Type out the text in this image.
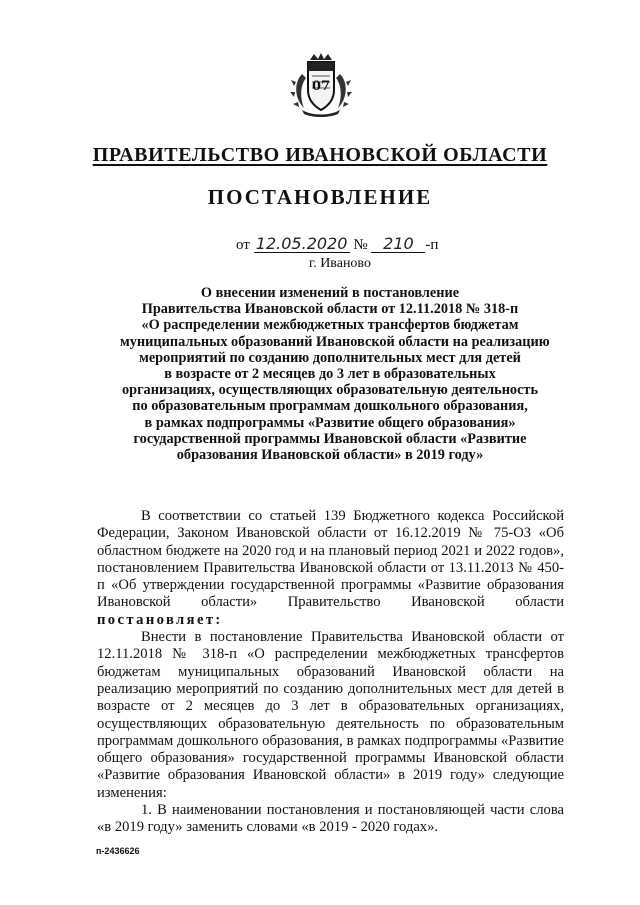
07
ПРАВИТЕЛЬСТВО ИВАНОВСКОЙ ОБЛАСТИ
ПОСТАНОВЛЕНИЕ
от 12.05.2020 № 210 -п
г. Иваново
О внесении изменений в постановление
Правительства Ивановской области от 12.11.2018 № 318-п
«О распределении межбюджетных трансфертов бюджетам
муниципальных образований Ивановской области на реализацию
мероприятий по созданию дополнительных мест для детей
в возрасте от 2 месяцев до 3 лет в образовательных
организациях, осуществляющих образовательную деятельность
по образовательным программам дошкольного образования,
в рамках подпрограммы «Развитие общего образования»
государственной программы Ивановской области «Развитие
образования Ивановской области» в 2019 году»

В соответствии со статьей 139 Бюджетного кодекса Российской Федерации, Законом Ивановской области от 16.12.2019 № 75-ОЗ «Об областном бюджете на 2020 год и на плановый период 2021 и 2022 годов», постановлением Правительства Ивановской области от 13.11.2013 № 450-п «Об утверждении государственной программы «Развитие образования Ивановской области» Правительство Ивановской области постановляет:

Внести в постановление Правительства Ивановской области от 12.11.2018 № 318-п «О распределении межбюджетных трансфертов бюджетам муниципальных образований Ивановской области на реализацию мероприятий по созданию дополнительных мест для детей в возрасте от 2 месяцев до 3 лет в образовательных организациях, осуществляющих образовательную деятельность по образовательным программам дошкольного образования, в рамках подпрограммы «Развитие общего образования» государственной программы Ивановской области «Развитие образования Ивановской области» в 2019 году» следующие изменения:

1. В наименовании постановления и постановляющей части слова «в 2019 году» заменить словами «в 2019 - 2020 годах».

п-2436626
